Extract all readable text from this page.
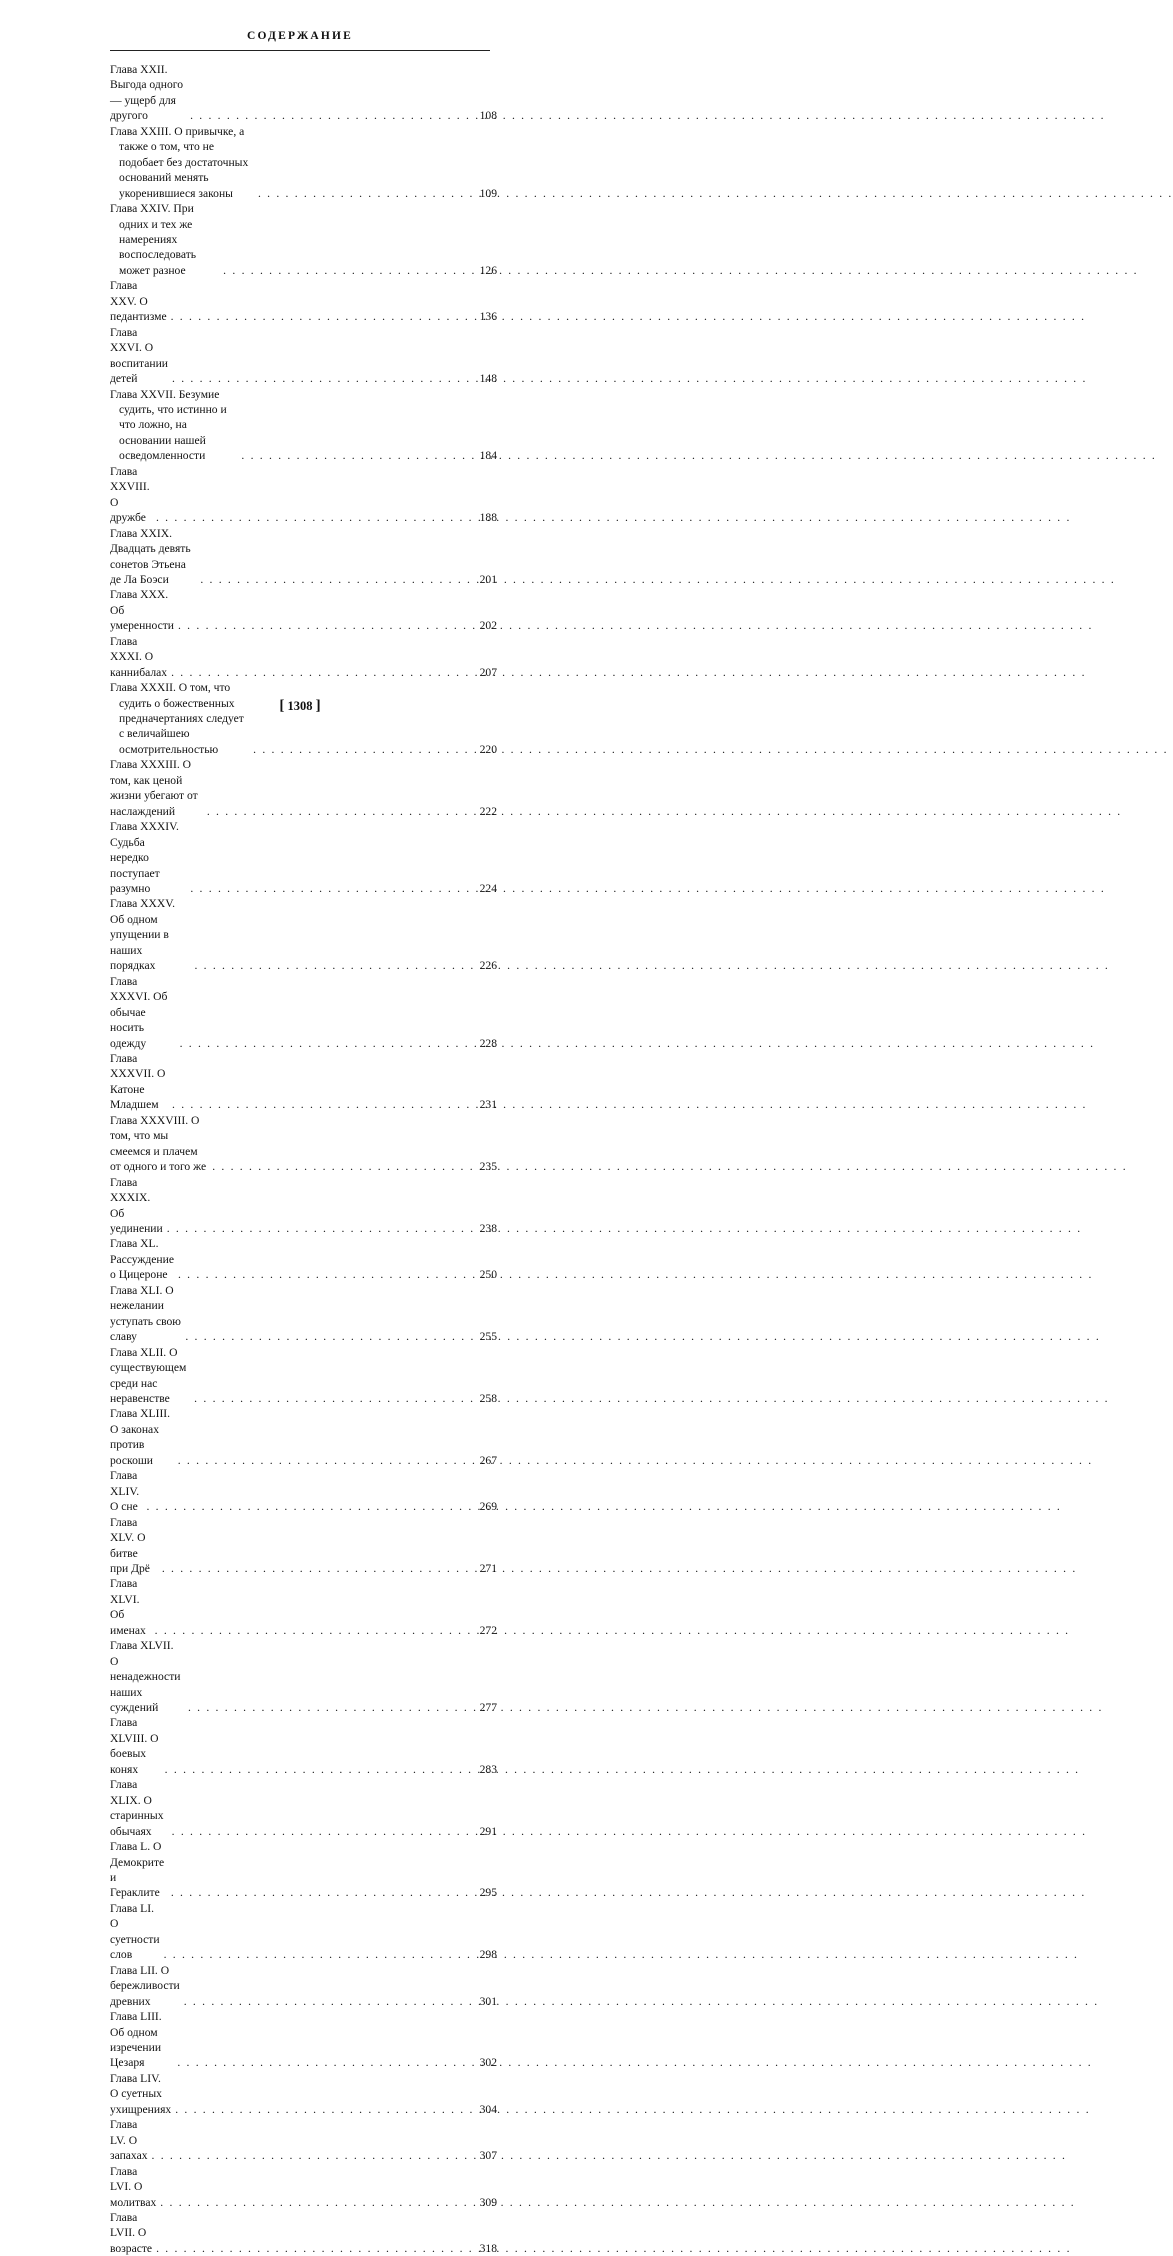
СОДЕРЖАНИЕ
Глава XXII. Выгода одного — ущерб для другого . . .	108
Глава XXIII. О привычке, а также о том, что не подобает без достаточных оснований менять укоренившиеся законы . . .	109
Глава XXIV. При одних и тех же намерениях воспоследовать может разное . . .	126
Глава XXV. О педантизме . . .	136
Глава XXVI. О воспитании детей . . .	148
Глава XXVII. Безумие судить, что истинно и что ложно, на основании нашей осведомленности . . .	184
Глава XXVIII. О дружбе . . .	188
Глава XXIX. Двадцать девять сонетов Этьена де Ла Боэси . . .	201
Глава XXX. Об умеренности . . .	202
Глава XXXI. О каннибалах . . .	207
Глава XXXII. О том, что судить о божественных предначертаниях следует с величайшею осмотрительностью . . .	220
Глава XXXIII. О том, как ценой жизни убегают от наслаждений . . .	222
Глава XXXIV. Судьба нередко поступает разумно . . .	224
Глава XXXV. Об одном упущении в наших порядках . . .	226
Глава XXXVI. Об обычае носить одежду . . .	228
Глава XXXVII. О Катоне Младшем . . .	231
Глава XXXVIII. О том, что мы смеемся и плачем от одного и того же . . .	235
Глава XXXIX. Об уединении . . .	238
Глава XL. Рассуждение о Цицероне . . .	250
Глава XLI. О нежелании уступать свою славу . . .	255
Глава XLII. О существующем среди нас неравенстве . . .	258
Глава XLIII. О законах против роскоши . . .	267
Глава XLIV. О сне . . .	269
Глава XLV. О битве при Дрё . . .	271
Глава XLVI. Об именах . . .	272
Глава XLVII. О ненадежности наших суждений . . .	277
Глава XLVIII. О боевых конях . . .	283
Глава XLIX. О старинных обычаях . . .	291
Глава L. О Демокрите и Гераклите . . .	295
Глава LI. О суетности слов . . .	298
Глава LII. О бережливости древних . . .	301
Глава LIII. Об одном изречении Цезаря . . .	302
Глава LIV. О суетных ухищрениях . . .	304
Глава LV. О запахах . . .	307
Глава LVI. О молитвах . . .	309
Глава LVII. О возрасте . . .	318
[ 1308 ]
